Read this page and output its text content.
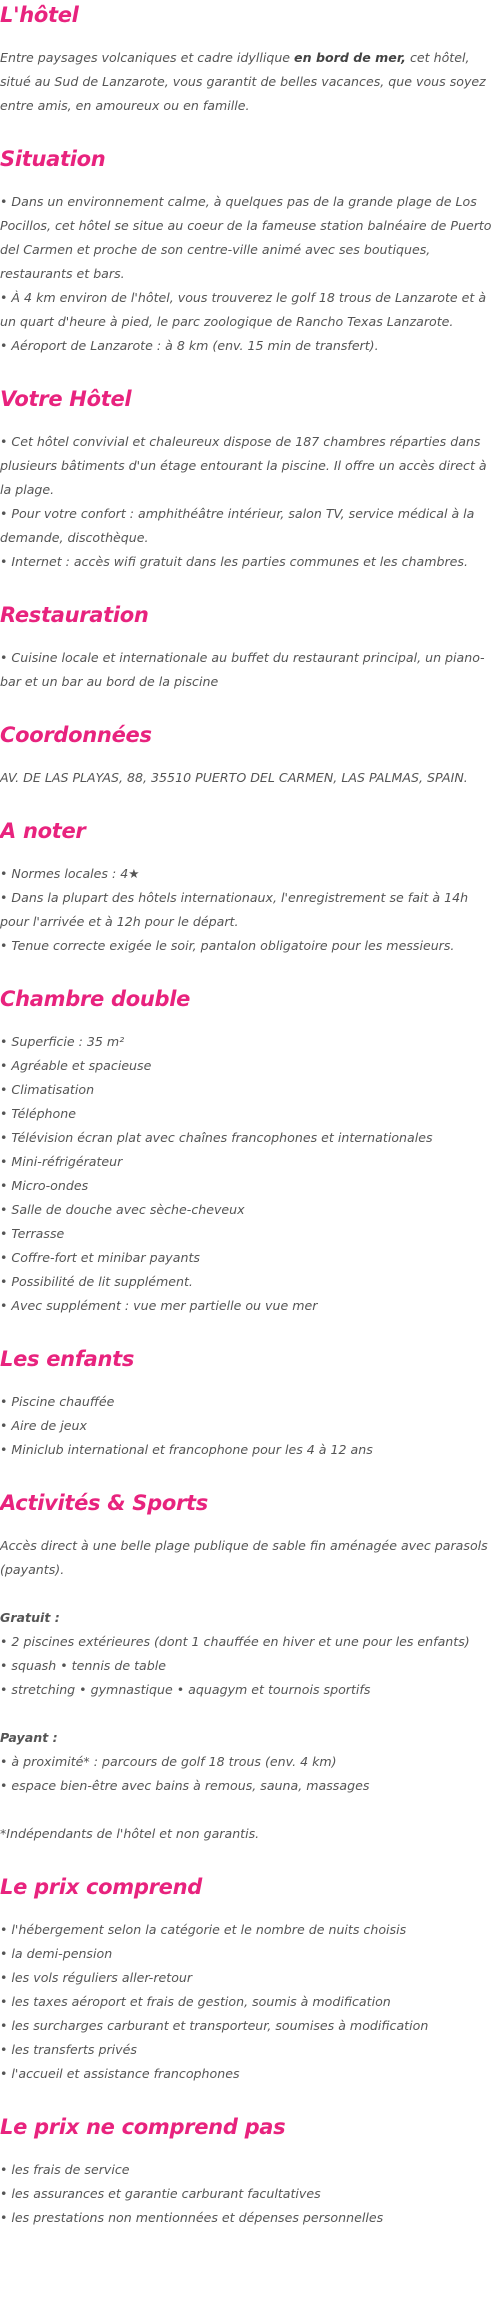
L'hôtel

Entre paysages volcaniques et cadre idyllique en bord de mer, cet hôtel, situé au Sud de Lanzarote, vous garantit de belles vacances, que vous soyez entre amis, en amoureux ou en famille.

Situation

• Dans un environnement calme, à quelques pas de la grande plage de Los Pocillos, cet hôtel se situe au coeur de la fameuse station balnéaire de Puerto del Carmen et proche de son centre-ville animé avec ses boutiques, restaurants et bars.
• À 4 km environ de l'hôtel, vous trouverez le golf 18 trous de Lanzarote et à un quart d'heure à pied, le parc zoologique de Rancho Texas Lanzarote.
• Aéroport de Lanzarote : à 8 km (env. 15 min de transfert).

Votre Hôtel

• Cet hôtel convivial et chaleureux dispose de 187 chambres réparties dans plusieurs bâtiments d'un étage entourant la piscine. Il offre un accès direct à la plage.
• Pour votre confort : amphithéâtre intérieur, salon TV, service médical à la demande, discothèque.
• Internet : accès wifi gratuit dans les parties communes et les chambres.

Restauration

• Cuisine locale et internationale au buffet du restaurant principal, un piano-bar et un bar au bord de la piscine

Coordonnées

AV. DE LAS PLAYAS, 88, 35510 PUERTO DEL CARMEN, LAS PALMAS, SPAIN.

A noter

• Normes locales : 4★
• Dans la plupart des hôtels internationaux, l'enregistrement se fait à 14h pour l'arrivée et à 12h pour le départ.
• Tenue correcte exigée le soir, pantalon obligatoire pour les messieurs.

Chambre double

• Superficie : 35 m²
• Agréable et spacieuse
• Climatisation
• Téléphone
• Télévision écran plat avec chaînes francophones et internationales
• Mini-réfrigérateur
• Micro-ondes
• Salle de douche avec sèche-cheveux
• Terrasse
• Coffre-fort et minibar payants
• Possibilité de lit supplément.
• Avec supplément : vue mer partielle ou vue mer

Les enfants

• Piscine chauffée
• Aire de jeux
• Miniclub international et francophone pour les 4 à 12 ans

Activités & Sports

Accès direct à une belle plage publique de sable fin aménagée avec parasols (payants).
Gratuit :
• 2 piscines extérieures (dont 1 chauffée en hiver et une pour les enfants)
• squash • tennis de table
• stretching • gymnastique • aquagym et tournois sportifs
Payant :
• à proximité* : parcours de golf 18 trous (env. 4 km)
• espace bien-être avec bains à remous, sauna, massages
*Indépendants de l'hôtel et non garantis.

Le prix comprend

• l'hébergement selon la catégorie et le nombre de nuits choisis
• la demi-pension
• les vols réguliers aller-retour
• les taxes aéroport et frais de gestion, soumis à modification
• les surcharges carburant et transporteur, soumises à modification
• les transferts privés
• l'accueil et assistance francophones

Le prix ne comprend pas

• les frais de service
• les assurances et garantie carburant facultatives
• les prestations non mentionnées et dépenses personnelles
